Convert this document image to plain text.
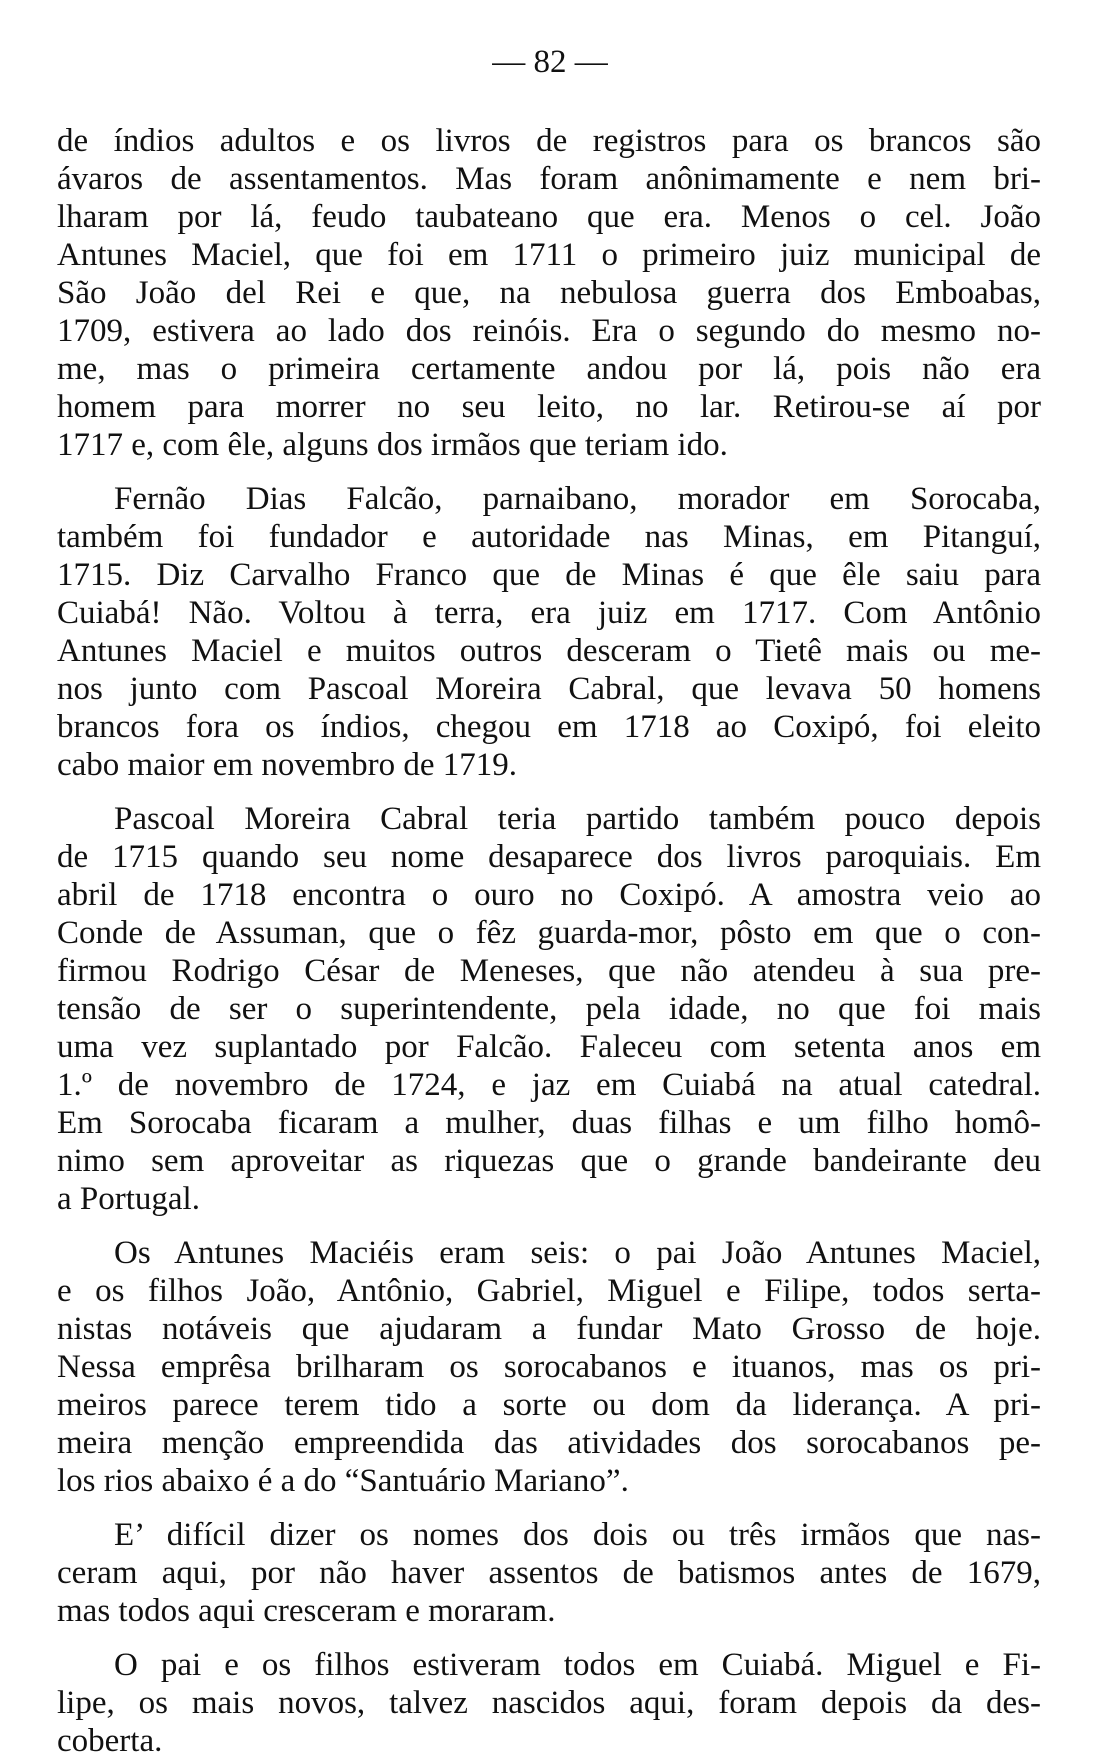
— 82 —
de índios adultos e os livros de registros para os brancos são
ávaros de assentamentos. Mas foram anônimamente e nem bri-
lharam por lá, feudo taubateano que era. Menos o cel. João
Antunes Maciel, que foi em 1711 o primeiro juiz municipal de
São João del Rei e que, na nebulosa guerra dos Emboabas,
1709, estivera ao lado dos reinóis. Era o segundo do mesmo no-
me, mas o primeira certamente andou por lá, pois não era
homem para morrer no seu leito, no lar. Retirou-se aí por
1717 e, com êle, alguns dos irmãos que teriam ido.
Fernão Dias Falcão, parnaibano, morador em Sorocaba,
também foi fundador e autoridade nas Minas, em Pitanguí,
1715. Diz Carvalho Franco que de Minas é que êle saiu para
Cuiabá! Não. Voltou à terra, era juiz em 1717. Com Antônio
Antunes Maciel e muitos outros desceram o Tietê mais ou me-
nos junto com Pascoal Moreira Cabral, que levava 50 homens
brancos fora os índios, chegou em 1718 ao Coxipó, foi eleito
cabo maior em novembro de 1719.
Pascoal Moreira Cabral teria partido também pouco depois
de 1715 quando seu nome desaparece dos livros paroquiais. Em
abril de 1718 encontra o ouro no Coxipó. A amostra veio ao
Conde de Assuman, que o fêz guarda-mor, pôsto em que o con-
firmou Rodrigo César de Meneses, que não atendeu à sua pre-
tensão de ser o superintendente, pela idade, no que foi mais
uma vez suplantado por Falcão. Faleceu com setenta anos em
1.º de novembro de 1724, e jaz em Cuiabá na atual catedral.
Em Sorocaba ficaram a mulher, duas filhas e um filho homô-
nimo sem aproveitar as riquezas que o grande bandeirante deu
a Portugal.
Os Antunes Maciéis eram seis: o pai João Antunes Maciel,
e os filhos João, Antônio, Gabriel, Miguel e Filipe, todos serta-
nistas notáveis que ajudaram a fundar Mato Grosso de hoje.
Nessa emprêsa brilharam os sorocabanos e ituanos, mas os pri-
meiros parece terem tido a sorte ou dom da liderança. A pri-
meira menção empreendida das atividades dos sorocabanos pe-
los rios abaixo é a do “Santuário Mariano”.
E’ difícil dizer os nomes dos dois ou três irmãos que nas-
ceram aqui, por não haver assentos de batismos antes de 1679,
mas todos aqui cresceram e moraram.
O pai e os filhos estiveram todos em Cuiabá. Miguel e Fi-
lipe, os mais novos, talvez nascidos aqui, foram depois da des-
coberta.
